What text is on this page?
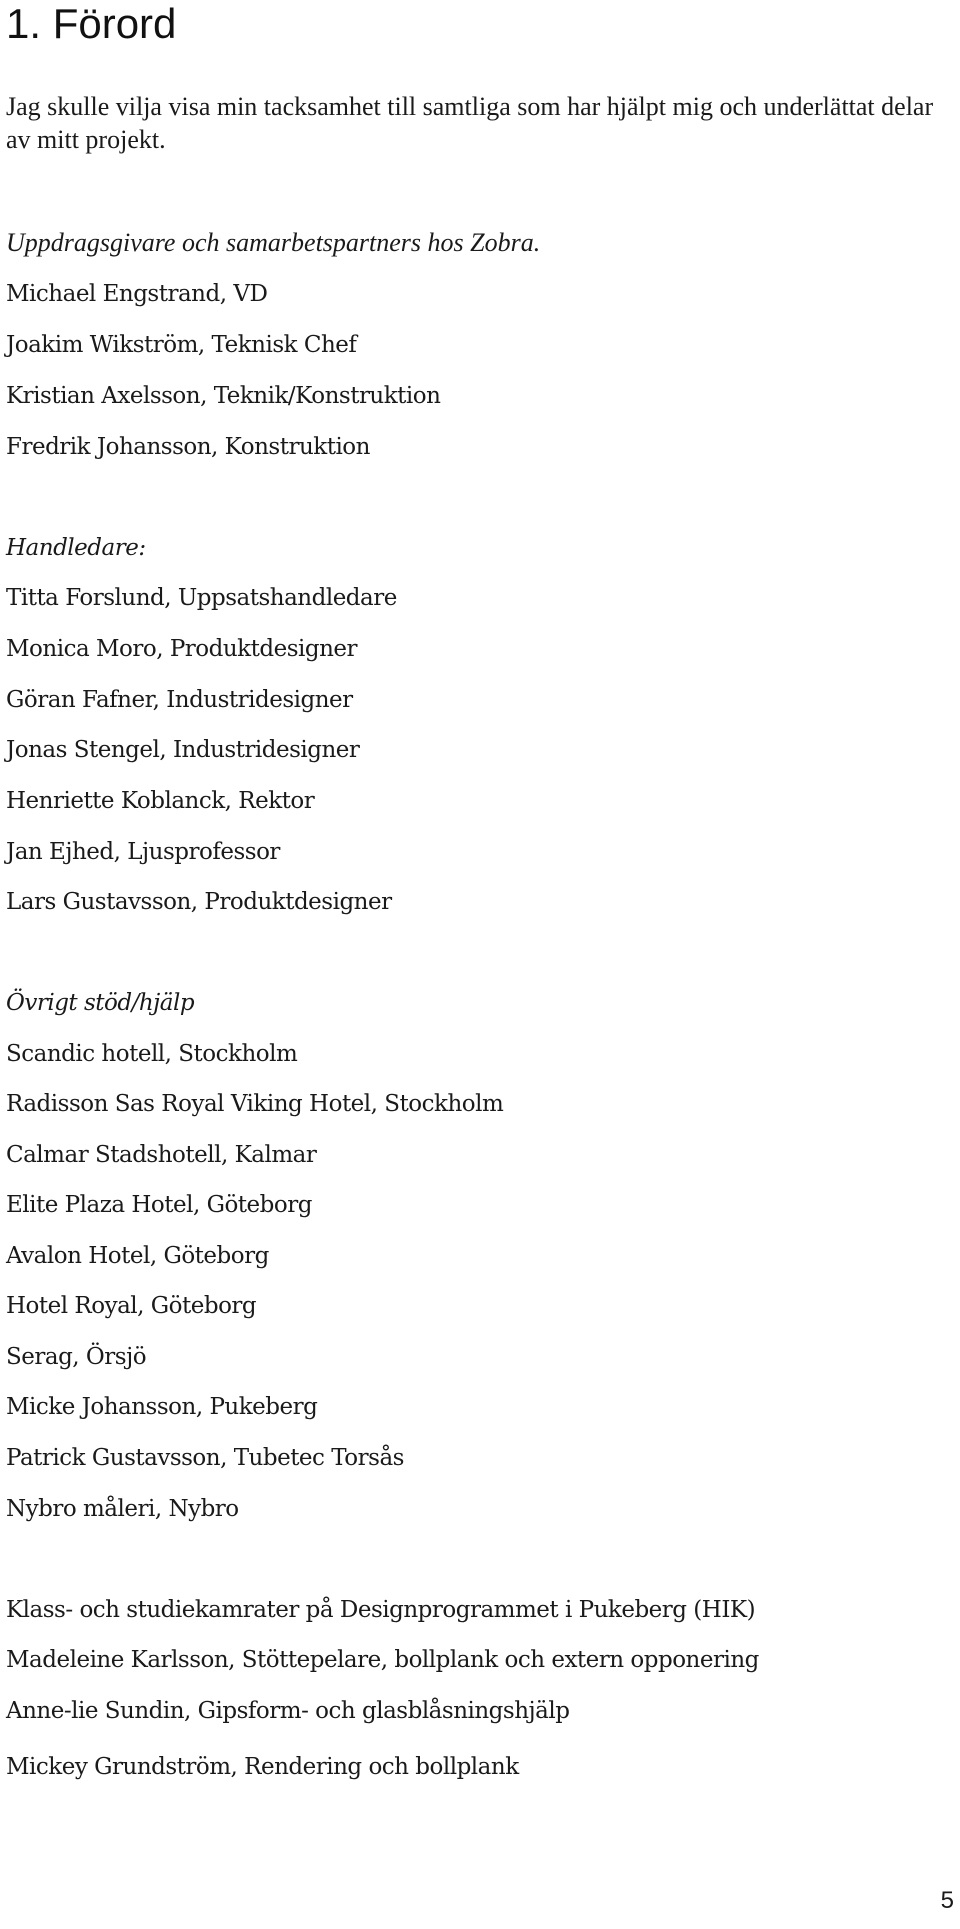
1. Förord

Jag skulle vilja visa min tacksamhet till samtliga som har hjälpt mig och underlättat delar av mitt projekt.

Uppdragsgivare och samarbetspartners hos Zobra.

Michael Engstrand, VD

Joakim Wikström, Teknisk Chef

Kristian Axelsson, Teknik/Konstruktion

Fredrik Johansson, Konstruktion

Handledare:

Titta Forslund, Uppsatshandledare

Monica Moro, Produktdesigner

Göran Fafner, Industridesigner

Jonas Stengel, Industridesigner

Henriette Koblanck, Rektor

Jan Ejhed, Ljusprofessor

Lars Gustavsson, Produktdesigner

Övrigt stöd/hjälp

Scandic hotell, Stockholm

Radisson Sas Royal Viking Hotel, Stockholm

Calmar Stadshotell, Kalmar

Elite Plaza Hotel, Göteborg

Avalon Hotel, Göteborg

Hotel Royal, Göteborg

Serag, Örsjö

Micke Johansson, Pukeberg

Patrick Gustavsson, Tubetec Torsås

Nybro måleri, Nybro

Klass- och studiekamrater på Designprogrammet i Pukeberg (HIK)

Madeleine Karlsson, Stöttepelare, bollplank och extern opponering

Anne-lie Sundin, Gipsform- och glasblåsningshjälp

Mickey Grundström, Rendering och bollplank

5
